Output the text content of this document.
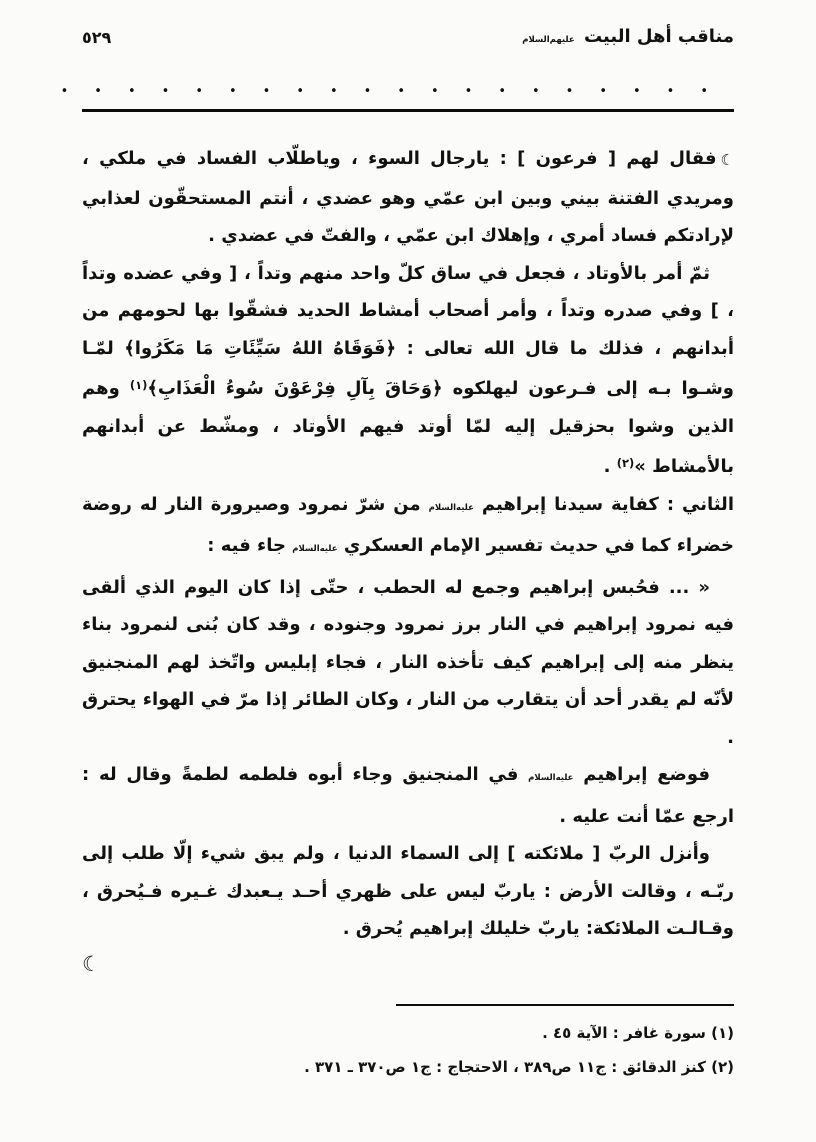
مناقب أهل البيت عليهم‌السلام
٥٢٩
••••••••••••••••••••
☾فقال لهم [ فرعون ] : يارجال السوء ، وياطلّاب الفساد في ملكي ، ومريدي الفتنة بيني وبين ابن عمّي وهو عضدي ، أنتم المستحقّون لعذابي لإرادتكم فساد أمري ، وإهلاك ابن عمّي ، والفتّ في عضدي .
ثمّ أمر بالأوتاد ، فجعل في ساق كلّ واحد منهم وتداً ، [ وفي عضده وتداً ، ] وفي صدره وتداً ، وأمر أصحاب أمشاط الحديد فشقّوا بها لحومهم من أبدانهم ، فذلك ما قال الله تعالى : ﴿فَوَقَاهُ اللهُ سَيِّئَاتِ مَا مَكَرُوا﴾ لمّـا وشـوا بـه إلى فـرعون ليهلكوه ﴿وَحَاقَ بِآلِ فِرْعَوْنَ سُوءُ الْعَذَابِ﴾$^{(١)}$ وهم الذين وشوا بحزقيل إليه لمّا أوتد فيهم الأوتاد ، ومشّط عن أبدانهم بالأمشاط »$^{(٢)}$ .
الثاني : كفاية سيدنا إبراهيم عليه‌السلام من شرّ نمرود وصيرورة النار له روضة خضراء كما في حديث تفسير الإمام العسكري عليه‌السلام جاء فيه :
« ... فحُبس إبراهيم وجمع له الحطب ، حتّى إذا كان اليوم الذي ألقى فيه نمرود إبراهيم في النار برز نمرود وجنوده ، وقد كان بُنى لنمرود بناء ينظر منه إلى إبراهيم كيف تأخذه النار ، فجاء إبليس واتّخذ لهم المنجنيق لأنّه لم يقدر أحد أن يتقارب من النار ، وكان الطائر إذا مرّ في الهواء يحترق .
فوضع إبراهيم عليه‌السلام في المنجنيق وجاء أبوه فلطمه لطمةً وقال له : ارجع عمّا أنت عليه .
وأنزل الربّ [ ملائكته ] إلى السماء الدنيا ، ولم يبق شيء إلّا طلب إلى ربّـه ، وقالت الأرض : ياربّ ليس على ظهري أحـد يـعبدك غـيره فـيُحرق ، وقـالـت الملائكة: ياربّ خليلك إبراهيم يُحرق .
☾
(١) سورة غافر : الآية ٤٥ .
(٢) كنز الدقائق : ج١١ ص٣٨٩ ، الاحتجاج : ج١ ص٣٧٠ ـ ٣٧١ .
